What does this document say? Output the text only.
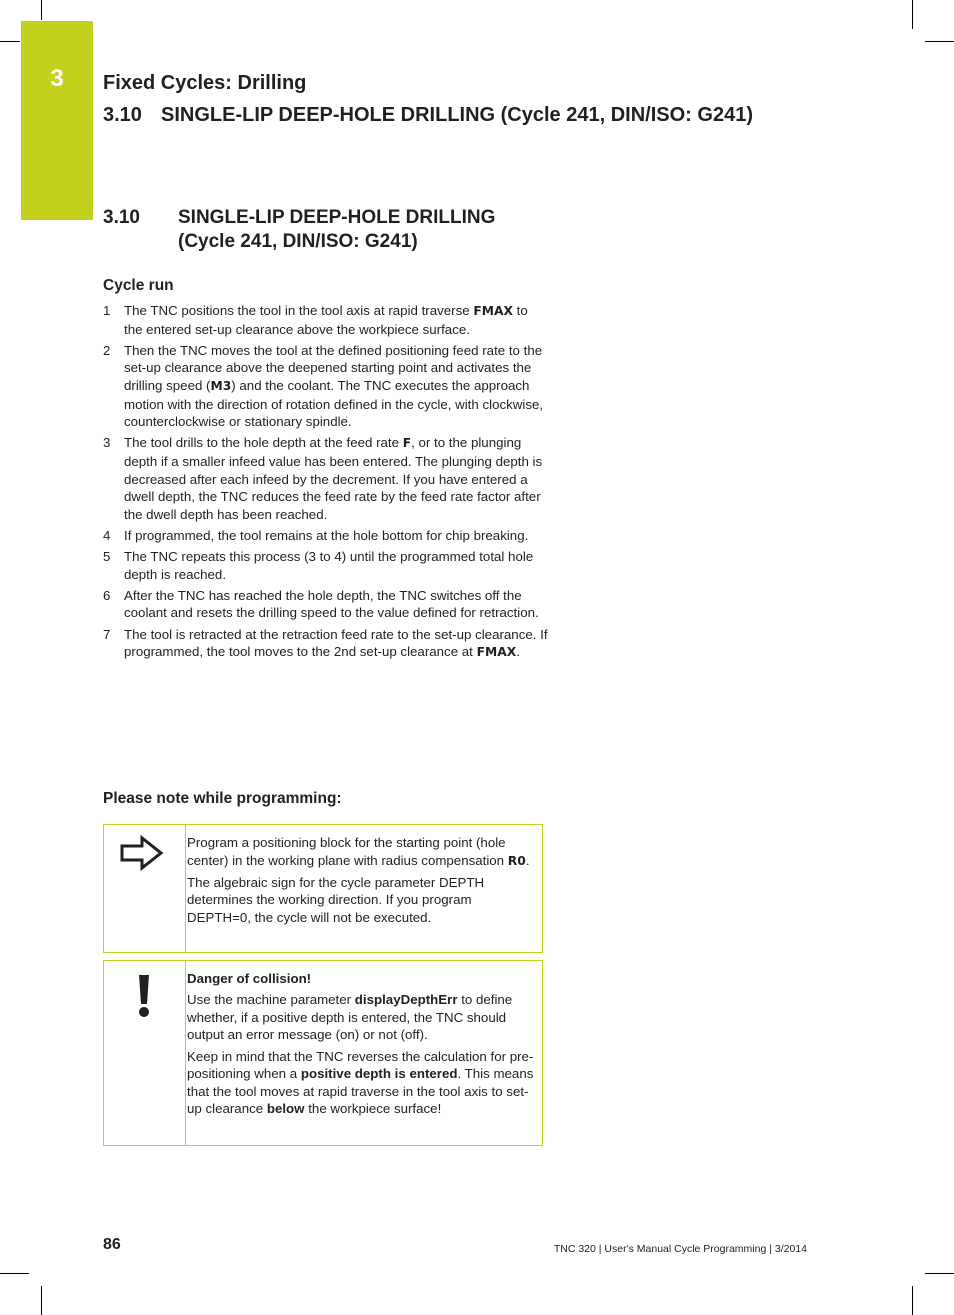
3	Fixed Cycles: Drilling
3.10 SINGLE-LIP DEEP-HOLE DRILLING (Cycle 241, DIN/ISO: G241)
3.10 SINGLE-LIP DEEP-HOLE DRILLING
(Cycle 241, DIN/ISO: G241)
Cycle run
1 The TNC positions the tool in the tool axis at rapid traverse FMAX to the entered set-up clearance above the workpiece surface.
2 Then the TNC moves the tool at the defined positioning feed rate to the set-up clearance above the deepened starting point and activates the drilling speed (M3) and the coolant. The TNC executes the approach motion with the direction of rotation defined in the cycle, with clockwise, counterclockwise or stationary spindle.
3 The tool drills to the hole depth at the feed rate F, or to the plunging depth if a smaller infeed value has been entered. The plunging depth is decreased after each infeed by the decrement. If you have entered a dwell depth, the TNC reduces the feed rate by the feed rate factor after the dwell depth has been reached.
4 If programmed, the tool remains at the hole bottom for chip breaking.
5 The TNC repeats this process (3 to 4) until the programmed total hole depth is reached.
6 After the TNC has reached the hole depth, the TNC switches off the coolant and resets the drilling speed to the value defined for retraction.
7 The tool is retracted at the retraction feed rate to the set-up clearance. If programmed, the tool moves to the 2nd set-up clearance at FMAX.
Please note while programming:

Program a positioning block for the starting point (hole center) in the working plane with radius compensation R0.

The algebraic sign for the cycle parameter DEPTH determines the working direction. If you program DEPTH=0, the cycle will not be executed.

Danger of collision!

Use the machine parameter displayDepthErr to define whether, if a positive depth is entered, the TNC should output an error message (on) or not (off).

Keep in mind that the TNC reverses the calculation for pre-positioning when a positive depth is entered. This means that the tool moves at rapid traverse in the tool axis to set-up clearance below the workpiece surface!

86	TNC 320 | User's Manual Cycle Programming | 3/2014
